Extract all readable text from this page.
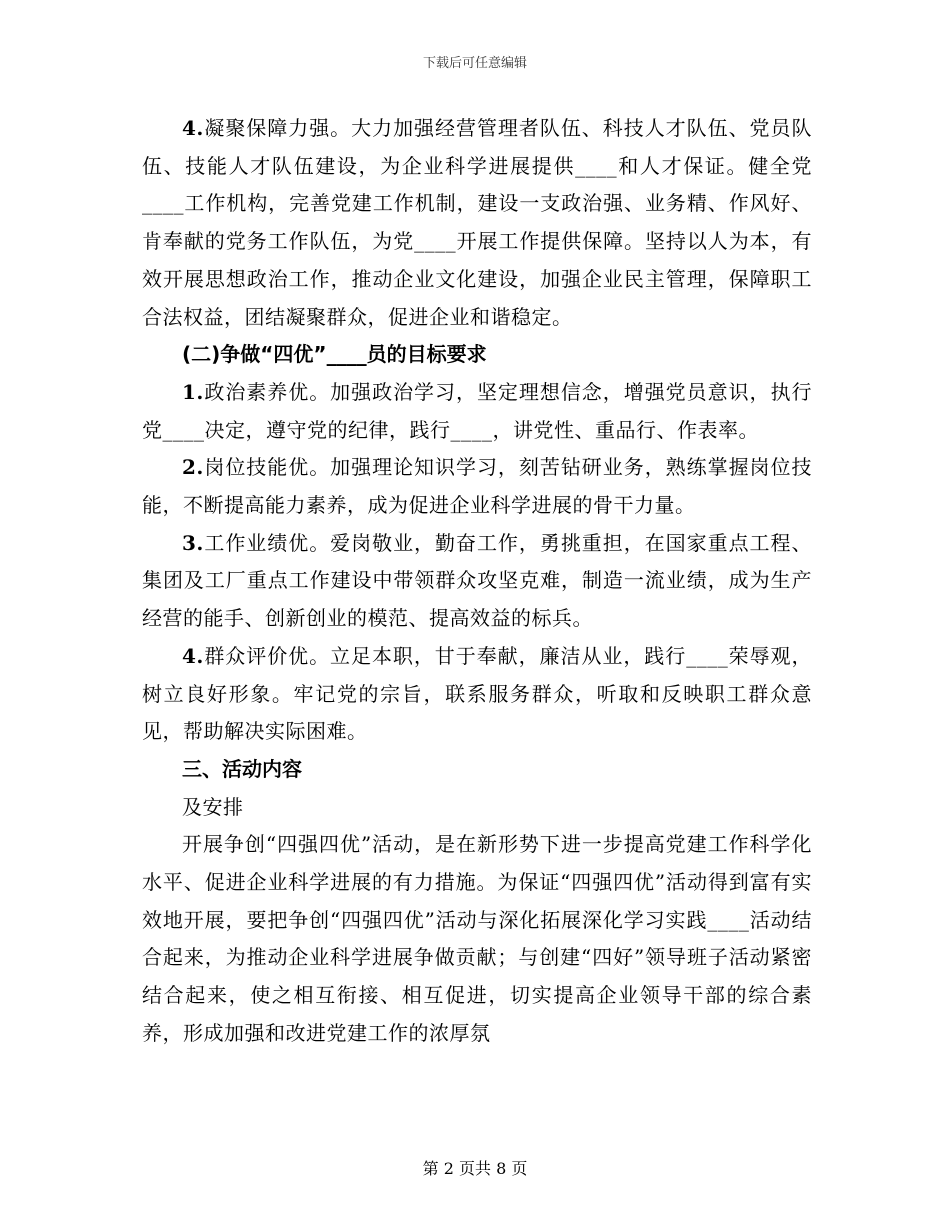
下载后可任意编辑

4.凝聚保障力强。大力加强经营管理者队伍、科技人才队伍、党员队伍、技能人才队伍建设，为企业科学进展提供____和人才保证。健全党____工作机构，完善党建工作机制，建设一支政治强、业务精、作风好、肯奉献的党务工作队伍，为党____开展工作提供保障。坚持以人为本，有效开展思想政治工作，推动企业文化建设，加强企业民主管理，保障职工合法权益，团结凝聚群众，促进企业和谐稳定。

(二)争做“四优”____员的目标要求

1.政治素养优。加强政治学习，坚定理想信念，增强党员意识，执行党____决定，遵守党的纪律，践行____，讲党性、重品行、作表率。

2.岗位技能优。加强理论知识学习，刻苦钻研业务，熟练掌握岗位技能，不断提高能力素养，成为促进企业科学进展的骨干力量。

3.工作业绩优。爱岗敬业，勤奋工作，勇挑重担，在国家重点工程、集团及工厂重点工作建设中带领群众攻坚克难，制造一流业绩，成为生产经营的能手、创新创业的模范、提高效益的标兵。

4.群众评价优。立足本职，甘于奉献，廉洁从业，践行____荣辱观，树立良好形象。牢记党的宗旨，联系服务群众，听取和反映职工群众意见，帮助解决实际困难。

三、活动内容

及安排

开展争创“四强四优”活动，是在新形势下进一步提高党建工作科学化水平、促进企业科学进展的有力措施。为保证“四强四优”活动得到富有实效地开展，要把争创“四强四优”活动与深化拓展深化学习实践____活动结合起来，为推动企业科学进展争做贡献；与创建“四好”领导班子活动紧密结合起来，使之相互衔接、相互促进，切实提高企业领导干部的综合素养，形成加强和改进党建工作的浓厚氛

第 2 页共 8 页
